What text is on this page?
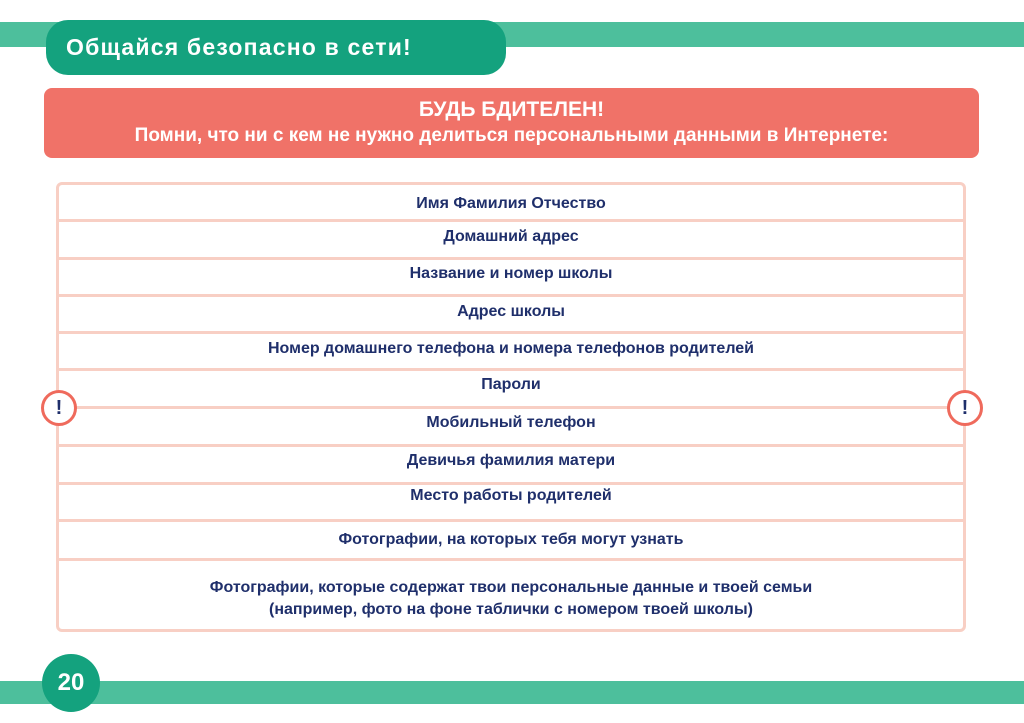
Общайся безопасно в сети!
БУДЬ БДИТЕЛЕН!
Помни, что ни с кем не нужно делиться персональными данными в Интернете:
Имя Фамилия Отчество
Домашний адрес
Название и номер школы
Адрес школы
Номер домашнего телефона и номера телефонов родителей
Пароли
Мобильный телефон
Девичья фамилия матери
Место работы родителей
Фотографии, на которых тебя могут узнать
Фотографии, которые содержат твои персональные данные и твоей семьи
(например, фото на фоне таблички с номером твоей школы)
!	!
20
